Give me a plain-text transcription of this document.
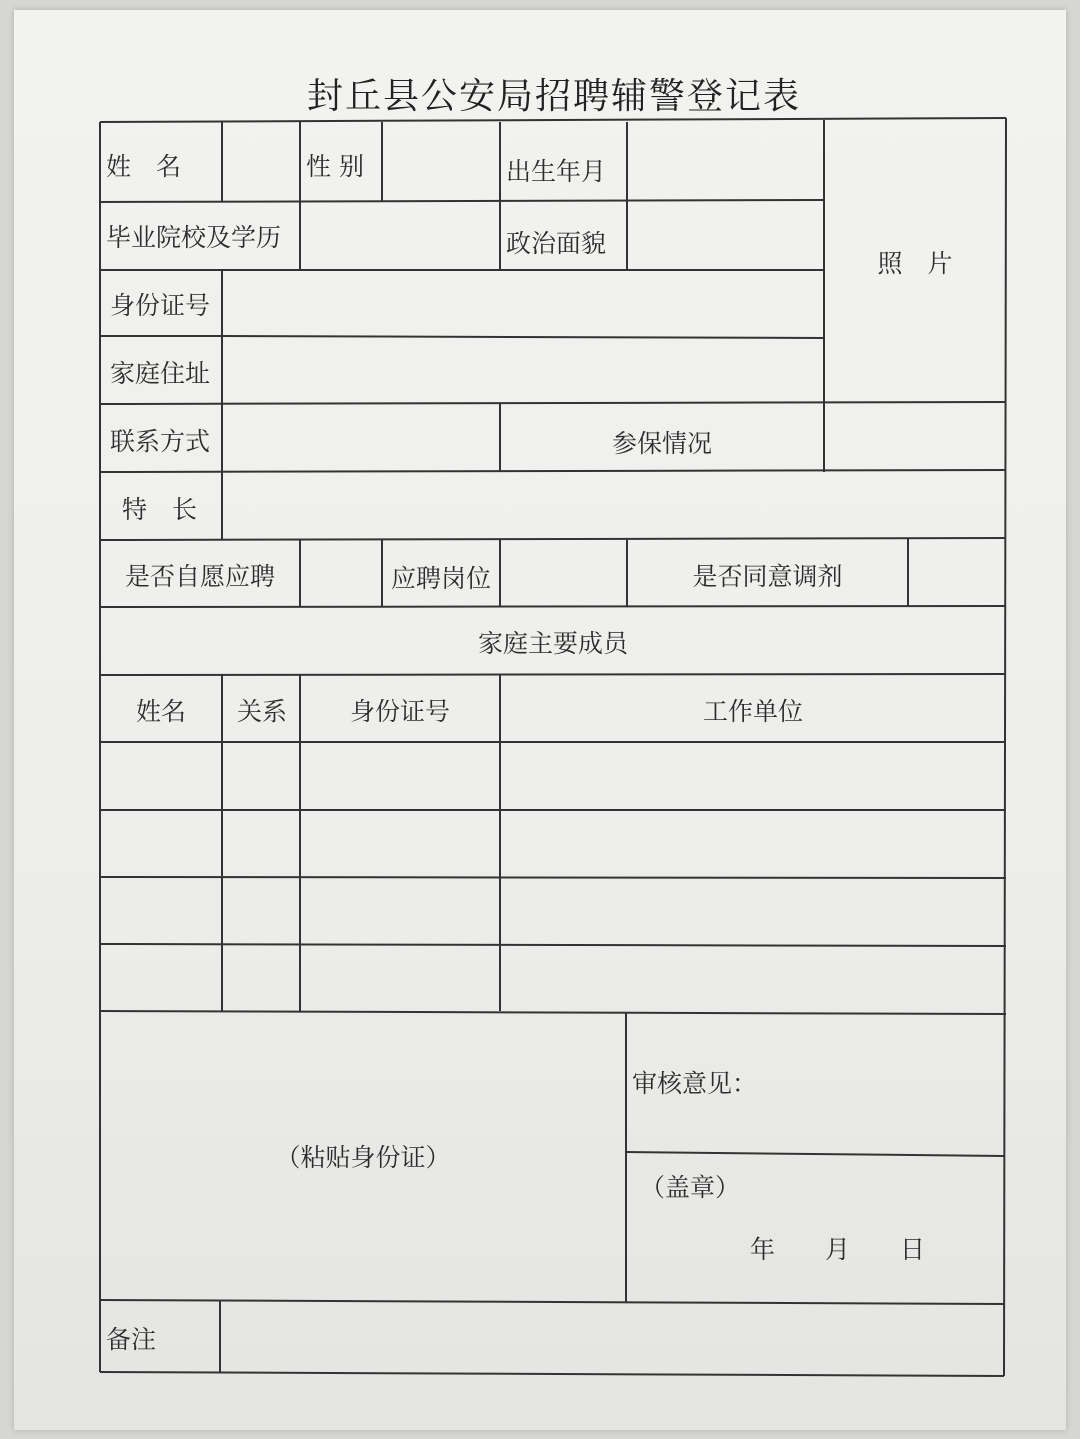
封丘县公安局招聘辅警登记表
姓　名	性 别	出生年月
照　片
毕业院校及学历	政治面貌
身份证号
家庭住址
联系方式	参保情况
特　长
是否自愿应聘	应聘岗位	是否同意调剂
家庭主要成员
姓名	关系	身份证号	工作单位
（粘贴身份证）
审核意见：
（盖章）
年　　月　　日
备注
